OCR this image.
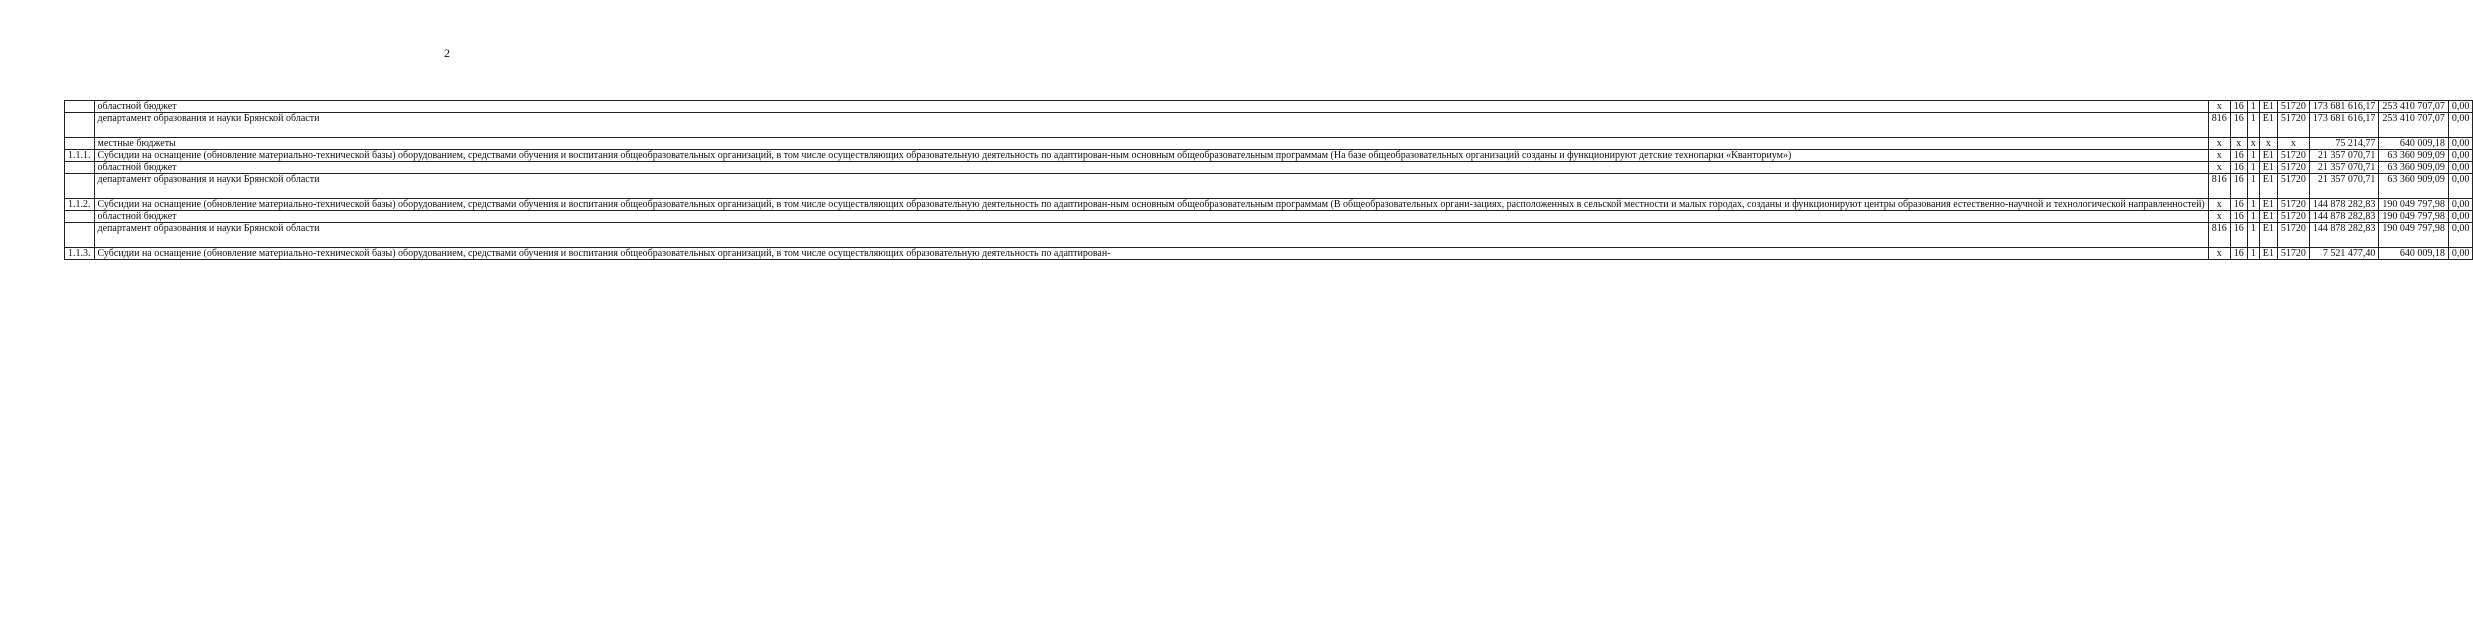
2
	областной бюджет	х	16	1	E1	51720	173 681 616,17	253 410 707,07	0,00
	департамент образования и науки Брянской области	816	16	1	E1	51720	173 681 616,17	253 410 707,07	0,00
	местные бюджеты	х	х	х	х	х	75 214,77	640 009,18	0,00
1.1.1.	Субсидии на оснащение (обновление материально-технической базы) оборудованием, средствами обучения и воспитания общеобразовательных организаций, в том числе осуществляющих образовательную деятельность по адаптирован-ным основным общеобразовательным программам (На базе общеобразовательных организаций созданы и функционируют детские технопарки «Кванториум»)	х	16	1	E1	51720	21 357 070,71	63 360 909,09	0,00
	областной бюджет	х	16	1	E1	51720	21 357 070,71	63 360 909,09	0,00
	департамент образования и науки Брянской области	816	16	1	E1	51720	21 357 070,71	63 360 909,09	0,00
1.1.2.	Субсидии на оснащение (обновление материально-технической базы) оборудованием, средствами обучения и воспитания общеобразовательных организаций, в том числе осуществляющих образовательную деятельность по адаптирован-ным основным общеобразовательным программам (В общеобразовательных органи-зациях, расположенных в сельской местности и малых городах, созданы и функционируют центры образования естественно-научной и технологической направленностей)	х	16	1	E1	51720	144 878 282,83	190 049 797,98	0,00
	областной бюджет	х	16	1	E1	51720	144 878 282,83	190 049 797,98	0,00
	департамент образования и науки Брянской области	816	16	1	E1	51720	144 878 282,83	190 049 797,98	0,00
1.1.3.	Субсидии на оснащение (обновление материально-технической базы) оборудованием, средствами обучения и воспитания общеобразовательных организаций, в том числе осуществляющих образовательную деятельность по адаптирован-	х	16	1	E1	51720	7 521 477,40	640 009,18	0,00
